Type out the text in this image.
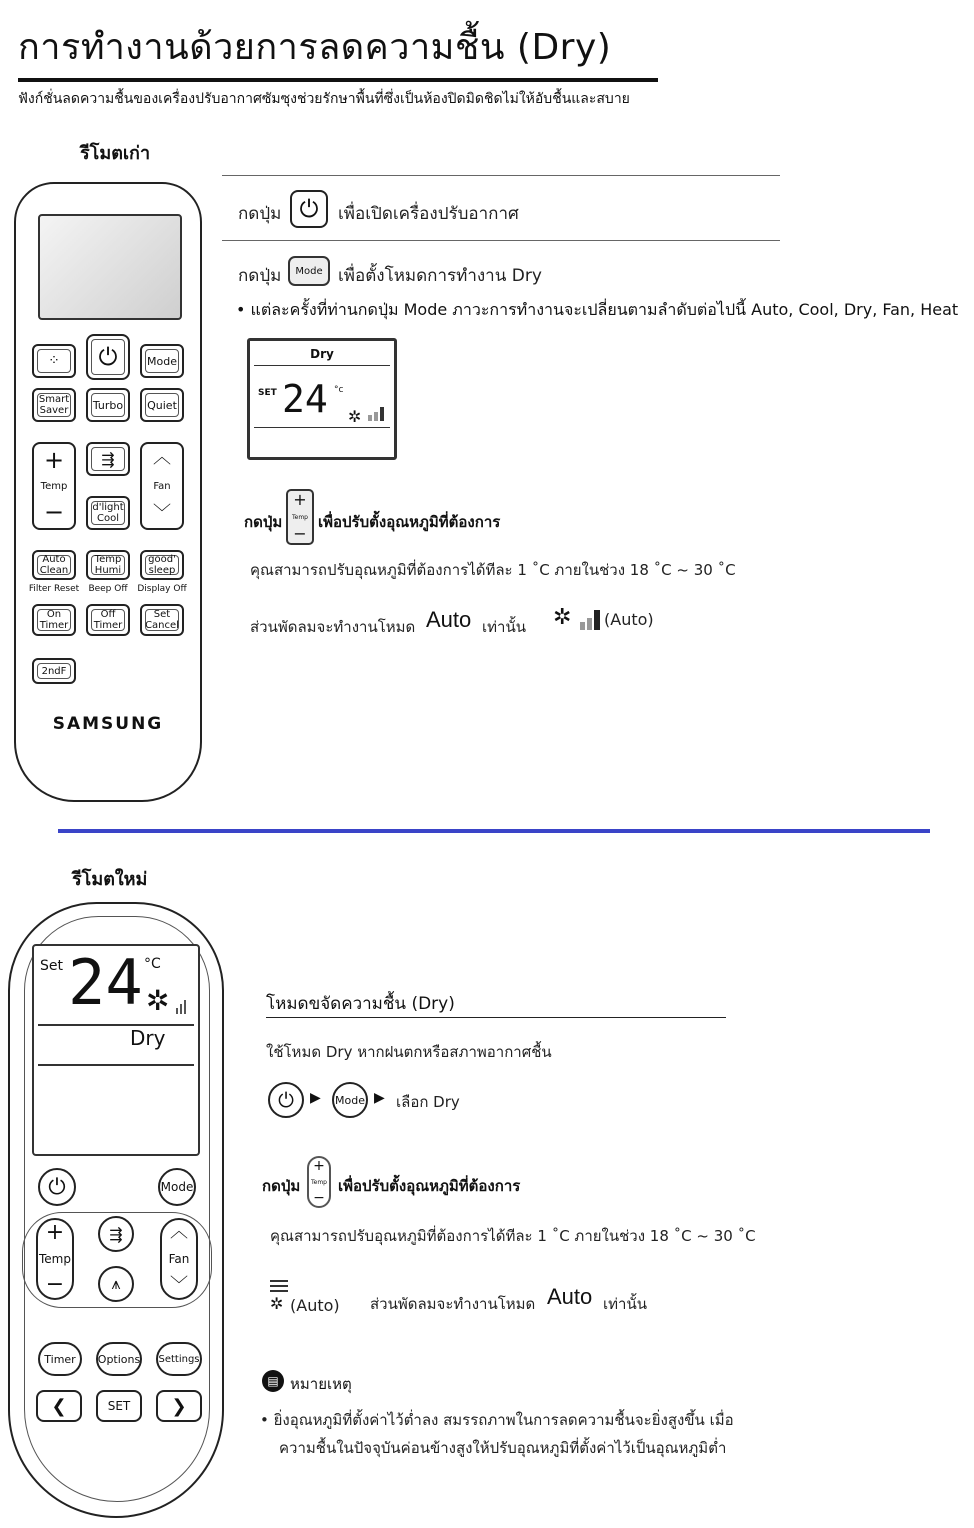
การทำงานด้วยการลดความชื้น (Dry)
ฟังก์ชั่นลดความชื้นของเครื่องปรับอากาศซัมซุงช่วยรักษาพื้นที่ซึ่งเป็นห้องปิดมิดชิดไม่ให้อับชื้นและสบาย
รีโมตเก่า
⁘	⏻	Mode
Smart
Saver Turbo Quiet
+
Temp
−
⇶
d'light
Cool
︿
Fan
﹀
Auto
Clean
Temp
Humi
good'
sleep
Filter Reset	Beep Off	Display Off
On
Timer
Off
Timer
Set
Cancel
2ndF
SAMSUNG
กดปุ่ม ⏻ เพื่อเปิดเครื่องปรับอากาศ
กดปุ่ม	Mode เพื่อตั้งโหมดการทำงาน Dry
• แต่ละครั้งที่ท่านกดปุ่ม Mode ภาวะการทำงานจะเปลี่ยนตามลำดับต่อไปนี้ Auto, Cool, Dry, Fan, Heat
Dry
SET 24 °c
✲
กดปุ่ม
+
Temp
−
เพื่อปรับตั้งอุณหภูมิที่ต้องการ
คุณสามารถปรับอุณหภูมิที่ต้องการได้ทีละ 1 ˚C ภายในช่วง 18 ˚C ~ 30 ˚C
ส่วนพัดลมจะทำงานโหมด Auto เท่านั้น ✲ (Auto)
รีโมตใหม่
Set 24 °C
✲
Dry
⏻	Mode
+
Temp
−
⇶
⩚
︿
Fan
﹀
Timer	Options Settings
❮	SET	❯
โหมดขจัดความชื้น (Dry)
ใช้โหมด Dry หากฝนตกหรือสภาพอากาศชื้น
⏻ ▶ Mode ▶ เลือก Dry
กดปุ่ม
+
Temp
−
เพื่อปรับตั้งอุณหภูมิที่ต้องการ
คุณสามารถปรับอุณหภูมิที่ต้องการได้ทีละ 1 ˚C ภายในช่วง 18 ˚C ~ 30 ˚C
✲ (Auto) ส่วนพัดลมจะทำงานโหมด Auto เท่านั้น
▤ หมายเหตุ
• ยิ่งอุณหภูมิที่ตั้งค่าไว้ต่ำลง สมรรถภาพในการลดความชื้นจะยิ่งสูงขึ้น เมื่อ
ความชื้นในปัจจุบันค่อนข้างสูงให้ปรับอุณหภูมิที่ตั้งค่าไว้เป็นอุณหภูมิต่ำ
